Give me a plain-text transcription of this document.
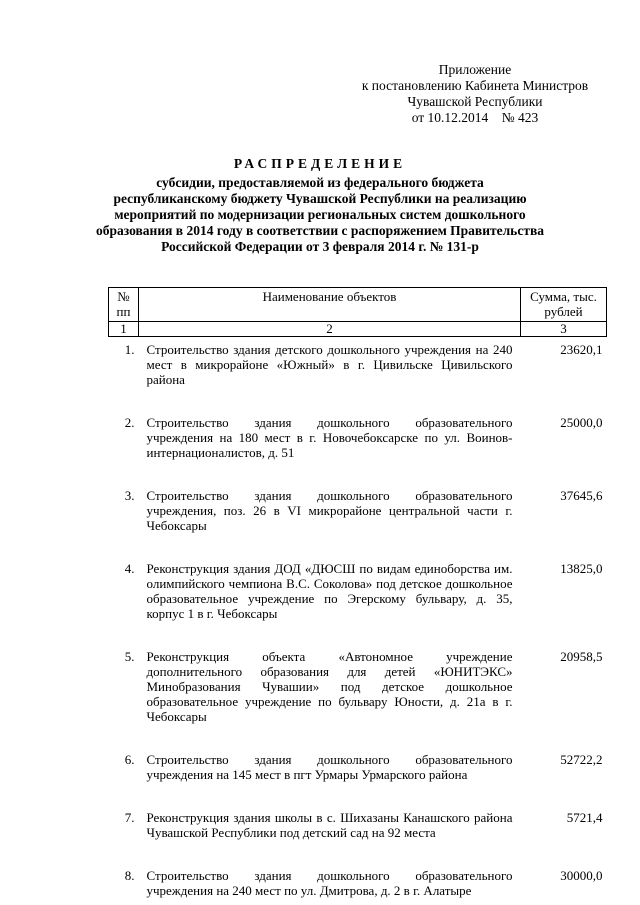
Приложение
к постановлению Кабинета Министров
Чувашской Республики
от 10.12.2014    № 423
РАСПРЕДЕЛЕНИЕ
субсидии, предоставляемой из федерального бюджета
республиканскому бюджету Чувашской Республики на реализацию
мероприятий по модернизации региональных систем дошкольного
образования в 2014 году в соответствии с распоряжением Правительства
Российской Федерации от 3 февраля 2014 г. № 131-р
№ пп	Наименование объектов	Сумма, тыс. рублей
1	2	3
1.	Строительство здания детского дошкольного учреждения на 240 мест в микрорайоне «Южный» в г. Цивильске Цивильского района	23620,1
2.	Строительство здания дошкольного образовательного учреждения на 180 мест в г. Новочебоксарске по ул. Воинов-интернационалистов, д. 51	25000,0
3.	Строительство здания дошкольного образовательного учреждения, поз. 26 в VI микрорайоне центральной части г. Чебоксары	37645,6
4.	Реконструкция здания ДОД «ДЮСШ по видам единоборства им. олимпийского чемпиона В.С. Соколова» под детское дошкольное образовательное учреждение по Эгерскому бульвару, д. 35, корпус 1 в г. Чебоксары	13825,0
5.	Реконструкция объекта «Автономное учреждение дополнительного образования для детей «ЮНИТЭКС» Минобразования Чувашии» под детское дошкольное образовательное учреждение по бульвару Юности, д. 21а в г. Чебоксары	20958,5
6.	Строительство здания дошкольного образовательного учреждения на 145 мест в пгт Урмары Урмарского района	52722,2
7.	Реконструкция здания школы в с. Шихазаны Канашского района Чувашской Республики под детский сад на 92 места	5721,4
8.	Строительство здания дошкольного образовательного учреждения на 240 мест по ул. Дмитрова, д. 2 в г. Алатыре	30000,0
